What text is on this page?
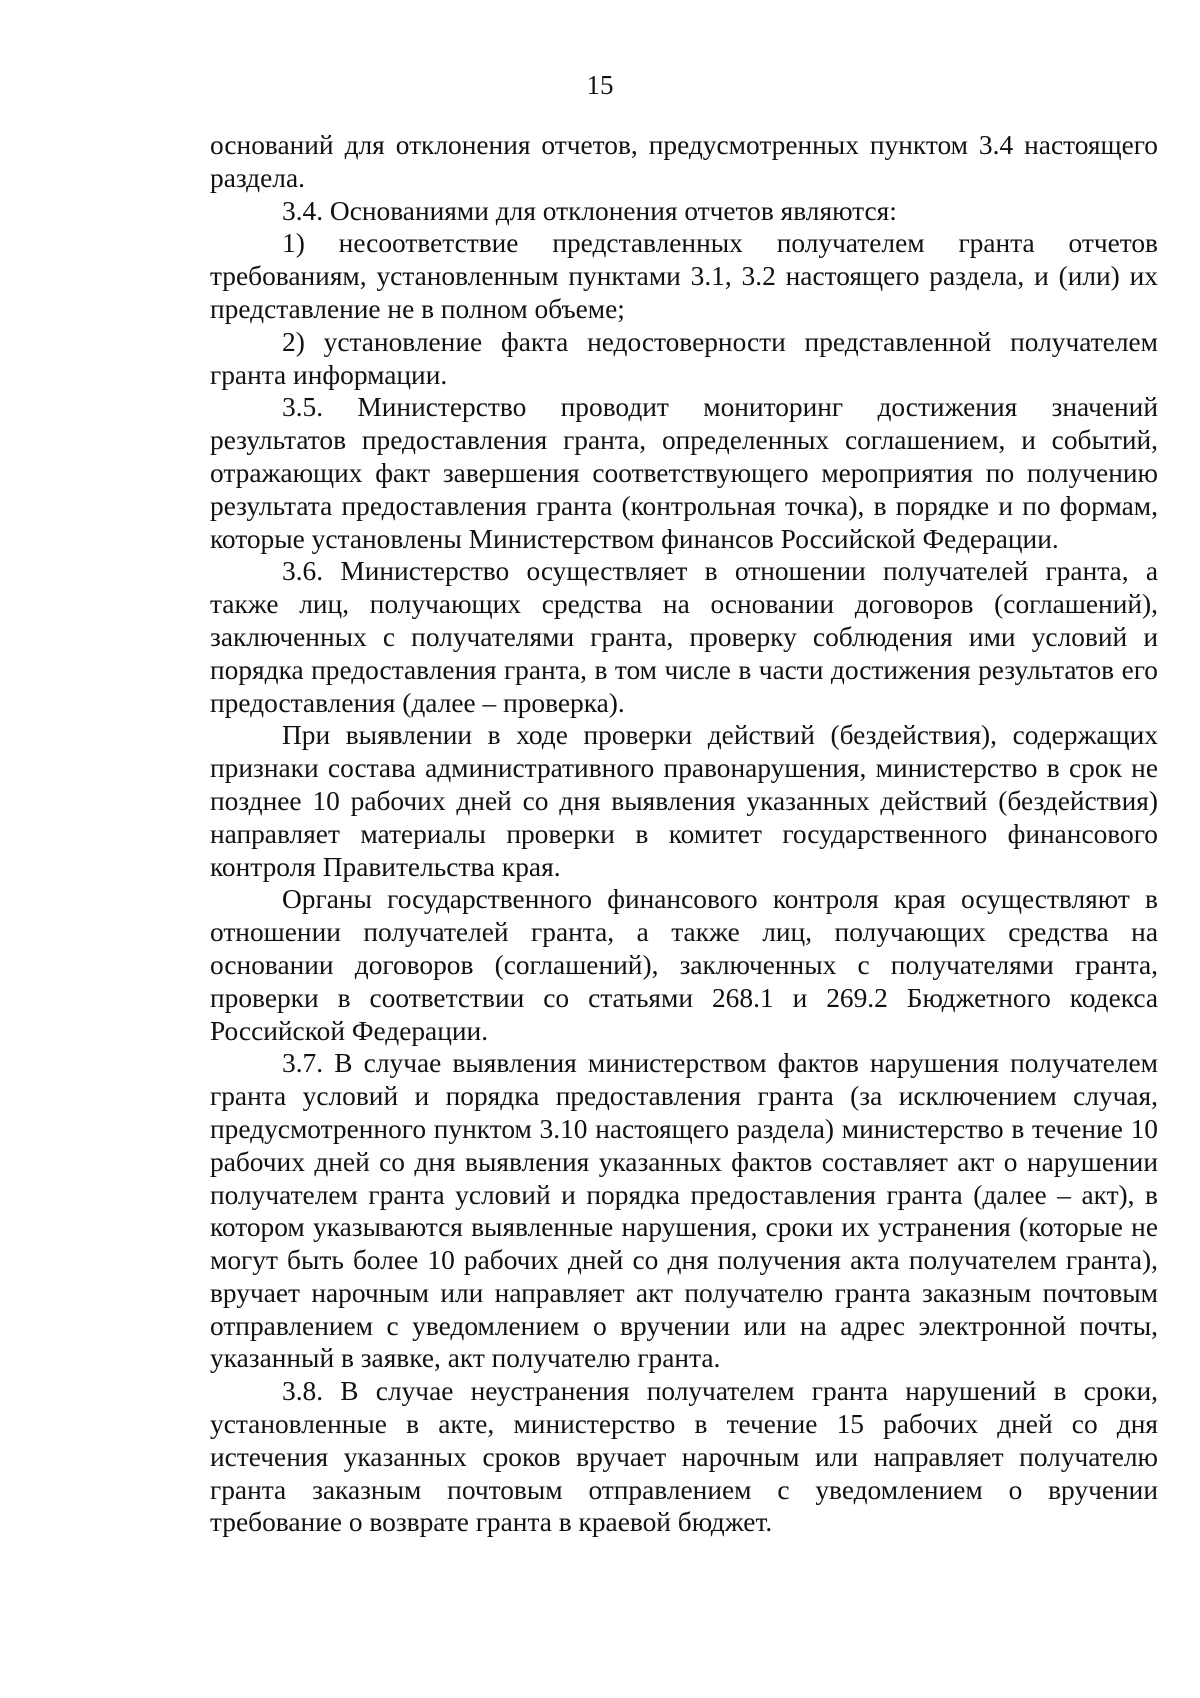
15

оснований для отклонения отчетов, предусмотренных пунктом 3.4 настоящего раздела.

3.4. Основаниями для отклонения отчетов являются:

1) несоответствие представленных получателем гранта отчетов требованиям, установленным пунктами 3.1, 3.2 настоящего раздела, и (или) их представление не в полном объеме;

2) установление факта недостоверности представленной получателем гранта информации.

3.5. Министерство проводит мониторинг достижения значений результатов предоставления гранта, определенных соглашением, и событий, отражающих факт завершения соответствующего мероприятия по получению результата предоставления гранта (контрольная точка), в порядке и по формам, которые установлены Министерством финансов Российской Федерации.

3.6. Министерство осуществляет в отношении получателей гранта, а также лиц, получающих средства на основании договоров (соглашений), заключенных с получателями гранта, проверку соблюдения ими условий и порядка предоставления гранта, в том числе в части достижения результатов его предоставления (далее – проверка).

При выявлении в ходе проверки действий (бездействия), содержащих признаки состава административного правонарушения, министерство в срок не позднее 10 рабочих дней со дня выявления указанных действий (бездействия) направляет материалы проверки в комитет государственного финансового контроля Правительства края.

Органы государственного финансового контроля края осуществляют в отношении получателей гранта, а также лиц, получающих средства на основании договоров (соглашений), заключенных с получателями гранта, проверки в соответствии со статьями 268.1 и 269.2 Бюджетного кодекса Российской Федерации.

3.7. В случае выявления министерством фактов нарушения получателем гранта условий и порядка предоставления гранта (за исключением случая, предусмотренного пунктом 3.10 настоящего раздела) министерство в течение 10 рабочих дней со дня выявления указанных фактов составляет акт о нарушении получателем гранта условий и порядка предоставления гранта (далее – акт), в котором указываются выявленные нарушения, сроки их устранения (которые не могут быть более 10 рабочих дней со дня получения акта получателем гранта), вручает нарочным или направляет акт получателю гранта заказным почтовым отправлением с уведомлением о вручении или на адрес электронной почты, указанный в заявке, акт получателю гранта.

3.8. В случае неустранения получателем гранта нарушений в сроки, установленные в акте, министерство в течение 15 рабочих дней со дня истечения указанных сроков вручает нарочным или направляет получателю гранта заказным почтовым отправлением с уведомлением о вручении требование о возврате гранта в краевой бюджет.
